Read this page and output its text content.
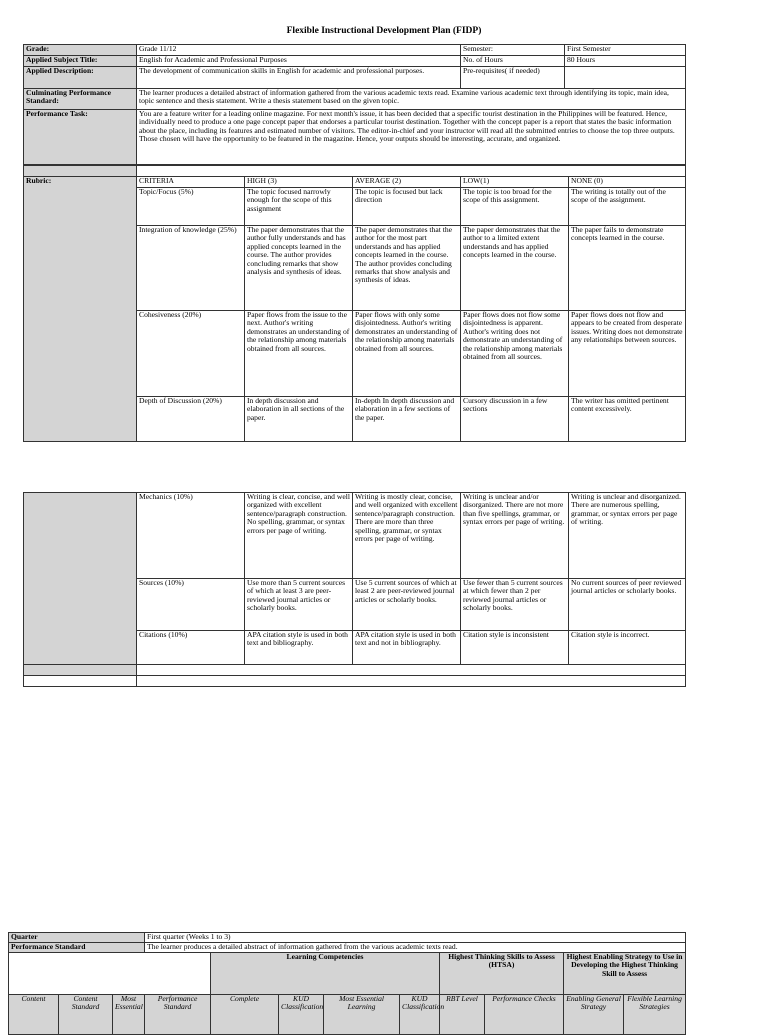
Flexible Instructional Development Plan (FIDP)
Grade:	Grade 11/12	Semester:	First Semester
Applied Subject Title:	English for Academic and Professional Purposes	No. of Hours	80 Hours
Applied Description:	The development of communication skills in English for academic and professional purposes.	Pre-requisites( if needed)	
Culminating Performance Standard:	The learner produces a detailed abstract of information gathered from the various academic texts read. Examine various academic text through identifying its topic, main idea, topic sentence and thesis statement. Write a thesis statement based on the given topic.		
Performance Task:	You are a feature writer for a leading online magazine. For next month's issue, it has been decided that a specific tourist destination in the Philippines will be featured. Hence, individually need to produce a one page concept paper that endorses a particular tourist destination. Together with the concept paper is a report that states the basic information about the place, including its features and estimated number of visitors. The editor-in-chief and your instructor will read all the submitted entries to choose the top three outputs. Those chosen will have the opportunity to be featured in the magazine. Hence, your outputs should be interesting, accurate, and organized.		

Rubric:	CRITERIA	HIGH (3)	AVERAGE (2)	LOW(1)	NONE (0)
	Topic/Focus (5%)	The topic focused narrowly enough for the scope of this assignment	The topic is focused but lack direction	The topic is too broad for the scope of this assignment.	The writing is totally out of the scope of the assignment.
	Integration of knowledge (25%)	The paper demonstrates that the author fully understands and has applied concepts learned in the course. The author provides concluding remarks that show analysis and synthesis of ideas.	The paper demonstrates that the author for the most part understands and has applied concepts learned in the course. The author provides concluding remarks that show analysis and synthesis of ideas.	The paper demonstrates that the author to a limited extent understands and has applied concepts learned in the course.	The paper fails to demonstrate concepts learned in the course.
	Cohesiveness (20%)	Paper flows from the issue to the next. Author's writing demonstrates an understanding of the relationship among materials obtained from all sources.	Paper flows with only some disjointedness. Author's writing demonstrates an understanding of the relationship among materials obtained from all sources.	Paper flows does not flow some disjointedness is apparent. Author's writing does not demonstrate an understanding of the relationship among materials obtained from all sources.	Paper flows does not flow and appears to be created from desperate issues. Writing does not demonstrate any relationships between sources.
	Depth of Discussion (20%)	In depth discussion and elaboration in all sections of the paper.	In-depth In depth discussion and elaboration in a few sections of the paper.	Cursory discussion in a few sections	The writer has omitted pertinent content excessively.
	Mechanics (10%)	Writing is clear, concise, and well organized with excellent sentence/paragraph construction. No spelling, grammar, or syntax errors per page of writing.	Writing is mostly clear, concise, and well organized with excellent sentence/paragraph construction. There are more than three spelling, grammar, or syntax errors per page of writing.	Writing is unclear and/or disorganized. There are not more than five spellings, grammar, or syntax errors per page of writing.	Writing is unclear and disorganized. There are numerous spelling, grammar, or syntax errors per page of writing.
	Sources (10%)	Use more than 5 current sources of which at least 3 are peer-reviewed journal articles or scholarly books.	Use 5 current sources of which at least 2 are peer-reviewed journal articles or scholarly books.	Use fewer than 5 current sources at which fewer than 2 per reviewed journal articles or scholarly books.	No current sources of peer reviewed journal articles or scholarly books.
	Citations (10%)	APA citation style is used in both text and bibliography.	APA citation style is used in both text and not in bibliography.	Citation style is inconsistent	Citation style is incorrect.

Quarter			First quarter (Weeks 1 to 3)								
Performance Standard			The learner produces a detailed abstract of information gathered from the various academic texts read.								
				Learning Competencies				Highest Thinking Skills to Assess (HTSA)		Highest Enabling Strategy to Use in Developing the Highest Thinking Skill to Assess	
Content	Content Standard	Most Essential	Performance Standard	Complete	KUD Classification	Most Essential Learning	KUD Classification	RBT Level	Performance Checks	Enabling General Strategy	Flexible Learning Strategies
